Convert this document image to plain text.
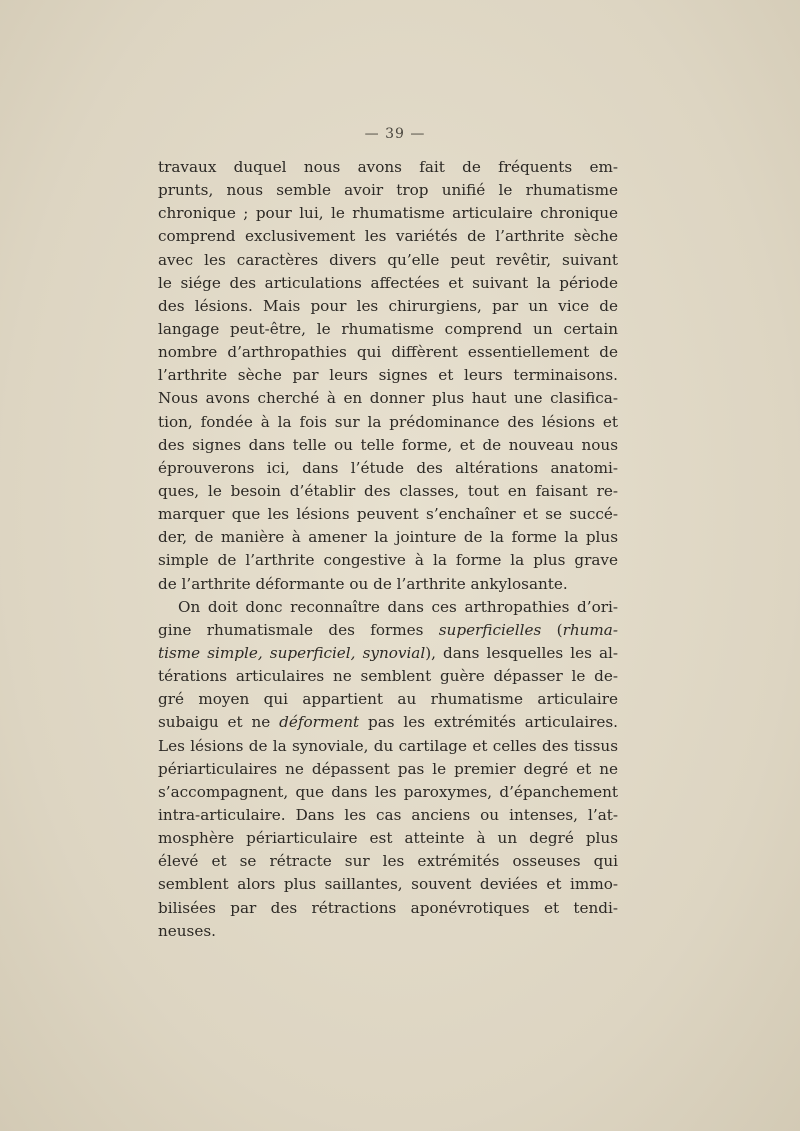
— 39 —
travaux duquel nous avons fait de fréquents em-
prunts, nous semble avoir trop unifié le rhumatisme
chronique ; pour lui, le rhumatisme articulaire chronique
comprend exclusivement les variétés de l’arthrite sèche
avec les caractères divers qu’elle peut revêtir, suivant
le siége des articulations affectées et suivant la période
des lésions. Mais pour les chirurgiens, par un vice de
langage peut-être, le rhumatisme comprend un certain
nombre d’arthropathies qui diffèrent essentiellement de
l’arthrite sèche par leurs signes et leurs terminaisons.
Nous avons cherché à en donner plus haut une clasifica-
tion, fondée à la fois sur la prédominance des lésions et
des signes dans telle ou telle forme, et de nouveau nous
éprouverons ici, dans l’étude des altérations anatomi-
ques, le besoin d’établir des classes, tout en faisant re-
marquer que les lésions peuvent s’enchaîner et se succé-
der, de manière à amener la jointure de la forme la plus
simple de l’arthrite congestive à la forme la plus grave
de l’arthrite déformante ou de l’arthrite ankylosante.
On doit donc reconnaître dans ces arthropathies d’ori-
gine rhumatismale des formes superficielles (rhuma-
tisme simple, superficiel, synovial), dans lesquelles les al-
térations articulaires ne semblent guère dépasser le de-
gré moyen qui appartient au rhumatisme articulaire
subaigu et ne déforment pas les extrémités articulaires.
Les lésions de la synoviale, du cartilage et celles des tissus
périarticulaires ne dépassent pas le premier degré et ne
s’accompagnent, que dans les paroxymes, d’épanchement
intra-articulaire. Dans les cas anciens ou intenses, l’at-
mosphère périarticulaire est atteinte à un degré plus
élevé et se rétracte sur les extrémités osseuses qui
semblent alors plus saillantes, souvent deviées et immo-
bilisées par des rétractions aponévrotiques et tendi-
neuses.
